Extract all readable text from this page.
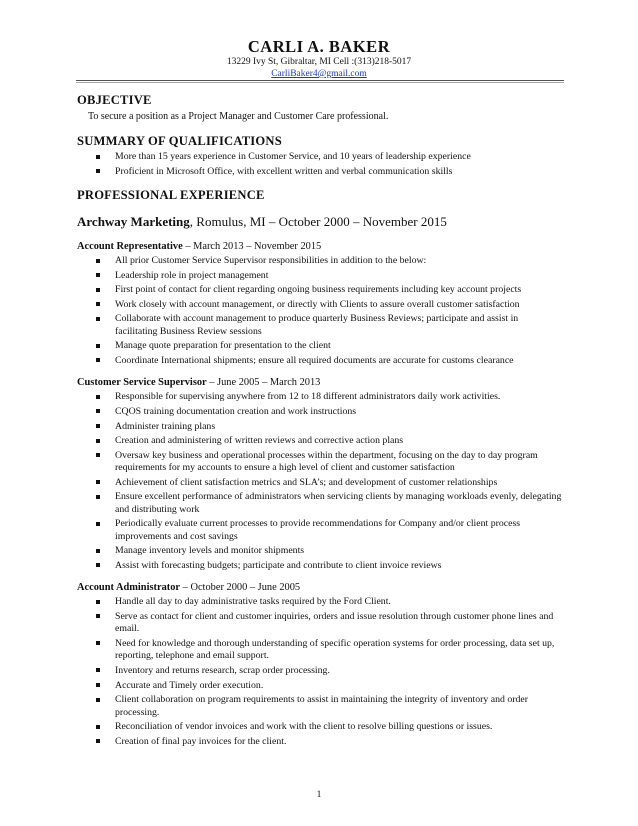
CARLI A. BAKER
13229 Ivy St, Gibraltar, MI Cell :(313)218-5017
CarliBaker4@gmail.com
OBJECTIVE

To secure a position as a Project Manager and Customer Care professional.

SUMMARY OF QUALIFICATIONS
More than 15 years experience in Customer Service, and 10 years of leadership experience
Proficient in Microsoft Office, with excellent written and verbal communication skills
PROFESSIONAL EXPERIENCE
Archway Marketing, Romulus, MI – October 2000 – November 2015
Account Representative – March 2013 – November 2015
All prior Customer Service Supervisor responsibilities in addition to the below:
Leadership role in project management
First point of contact for client regarding ongoing business requirements including key account projects
Work closely with account management, or directly with Clients to assure overall customer satisfaction
Collaborate with account management to produce quarterly Business Reviews; participate and assist in facilitating Business Review sessions
Manage quote preparation for presentation to the client
Coordinate International shipments; ensure all required documents are accurate for customs clearance
Customer Service Supervisor – June 2005 – March 2013
Responsible for supervising anywhere from 12 to 18 different administrators daily work activities.
CQOS training documentation creation and work instructions
Administer training plans
Creation and administering of written reviews and corrective action plans
Oversaw key business and operational processes within the department, focusing on the day to day program requirements for my accounts to ensure a high level of client and customer satisfaction
Achievement of client satisfaction metrics and SLA’s; and development of customer relationships
Ensure excellent performance of administrators when servicing clients by managing workloads evenly, delegating and distributing work
Periodically evaluate current processes to provide recommendations for Company and/or client process improvements and cost savings
Manage inventory levels and monitor shipments
Assist with forecasting budgets; participate and contribute to client invoice reviews
Account Administrator – October 2000 – June 2005
Handle all day to day administrative tasks required by the Ford Client.
Serve as contact for client and customer inquiries, orders and issue resolution through customer phone lines and email.
Need for knowledge and thorough understanding of specific operation systems for order processing, data set up, reporting, telephone and email support.
Inventory and returns research, scrap order processing.
Accurate and Timely order execution.
Client collaboration on program requirements to assist in maintaining the integrity of inventory and order processing.
Reconciliation of vendor invoices and work with the client to resolve billing questions or issues.
Creation of final pay invoices for the client.
1
